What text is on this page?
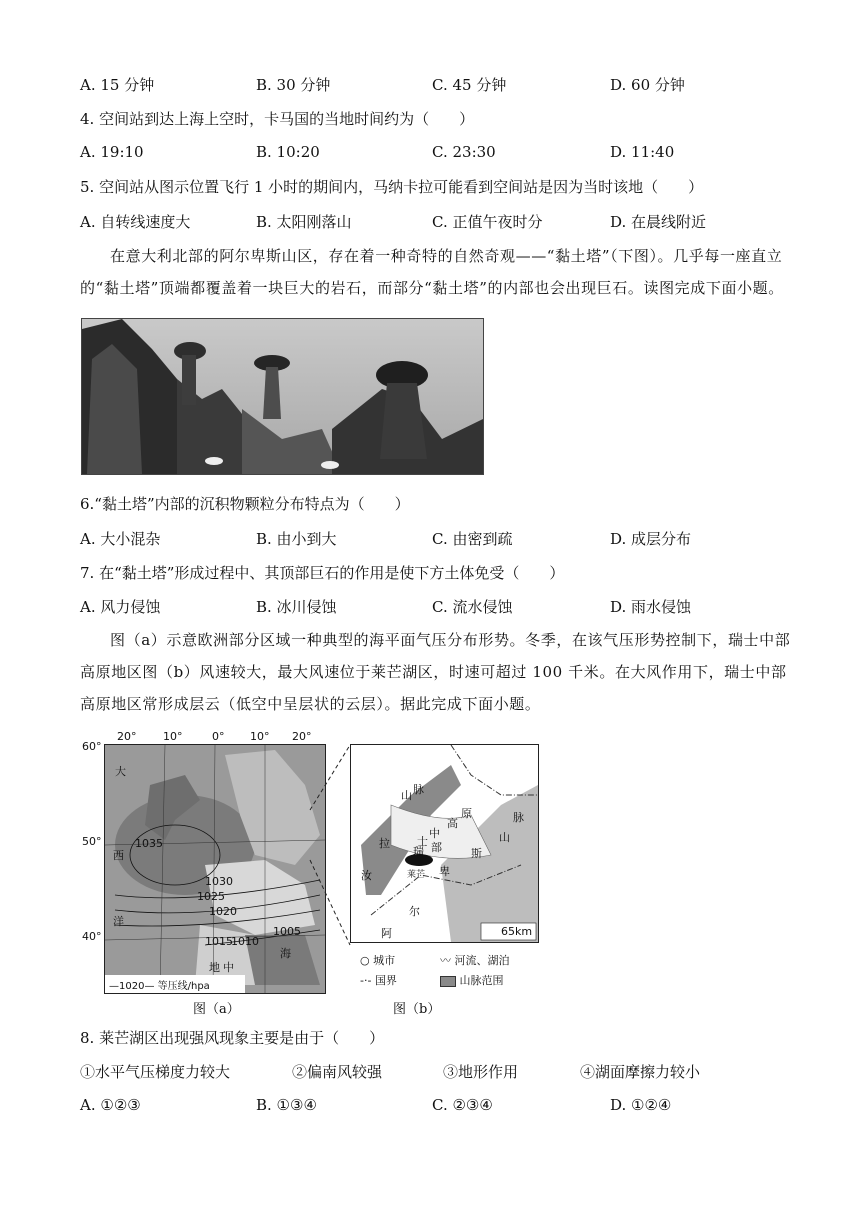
A. 15 分钟	B. 30 分钟	C. 45 分钟	D. 60 分钟
4. 空间站到达上海上空时，卡马国的当地时间约为（　　）
A. 19:10	B. 10:20	C. 23:30	D. 11:40
5. 空间站从图示位置飞行 1 小时的期间内，马纳卡拉可能看到空间站是因为当时该地（　　）
A. 自转线速度大	B. 太阳刚落山	C. 正值午夜时分	D. 在晨线附近
在意大利北部的阿尔卑斯山区，存在着一种奇特的自然奇观——“黏土塔”（下图）。几乎每一座直立的“黏土塔”顶端都覆盖着一块巨大的岩石，而部分“黏土塔”的内部也会出现巨石。读图完成下面小题。
6.“黏土塔”内部的沉积物颗粒分布特点为（　　）
A. 大小混杂	B. 由小到大	C. 由密到疏	D. 成层分布
7. 在“黏土塔”形成过程中、其顶部巨石的作用是使下方土体免受（　　）
A. 风力侵蚀	B. 冰川侵蚀	C. 流水侵蚀	D. 雨水侵蚀
图（a）示意欧洲部分区域一种典型的海平面气压分布形势。冬季，在该气压形势控制下，瑞士中部高原地区图（b）风速较大，最大风速位于莱芒湖区，时速可超过 100 千米。在大风作用下，瑞士中部高原地区常形成层云（低空中呈层状的云层）。据此完成下面小题。
大
西
洋
地 中
海
1035
1030
1025
1020
1015
1010
1005
—1020— 等压线/hpa
20° 10°	0° 10° 20°
60°
50°
40°
山 脉
中
部
高
原
拉
瑞
士
汝	莱芒
阿
尔
卑
斯
山
脉
65km
○ 城市	〰 河流、湖泊
-·- 国界	山脉范围
图（a）	图（b）
8. 莱芒湖区出现强风现象主要是由于（　　）
①水平气压梯度力较大	②偏南风较强	③地形作用	④湖面摩擦力较小
A. ①②③	B. ①③④	C. ②③④	D. ①②④
